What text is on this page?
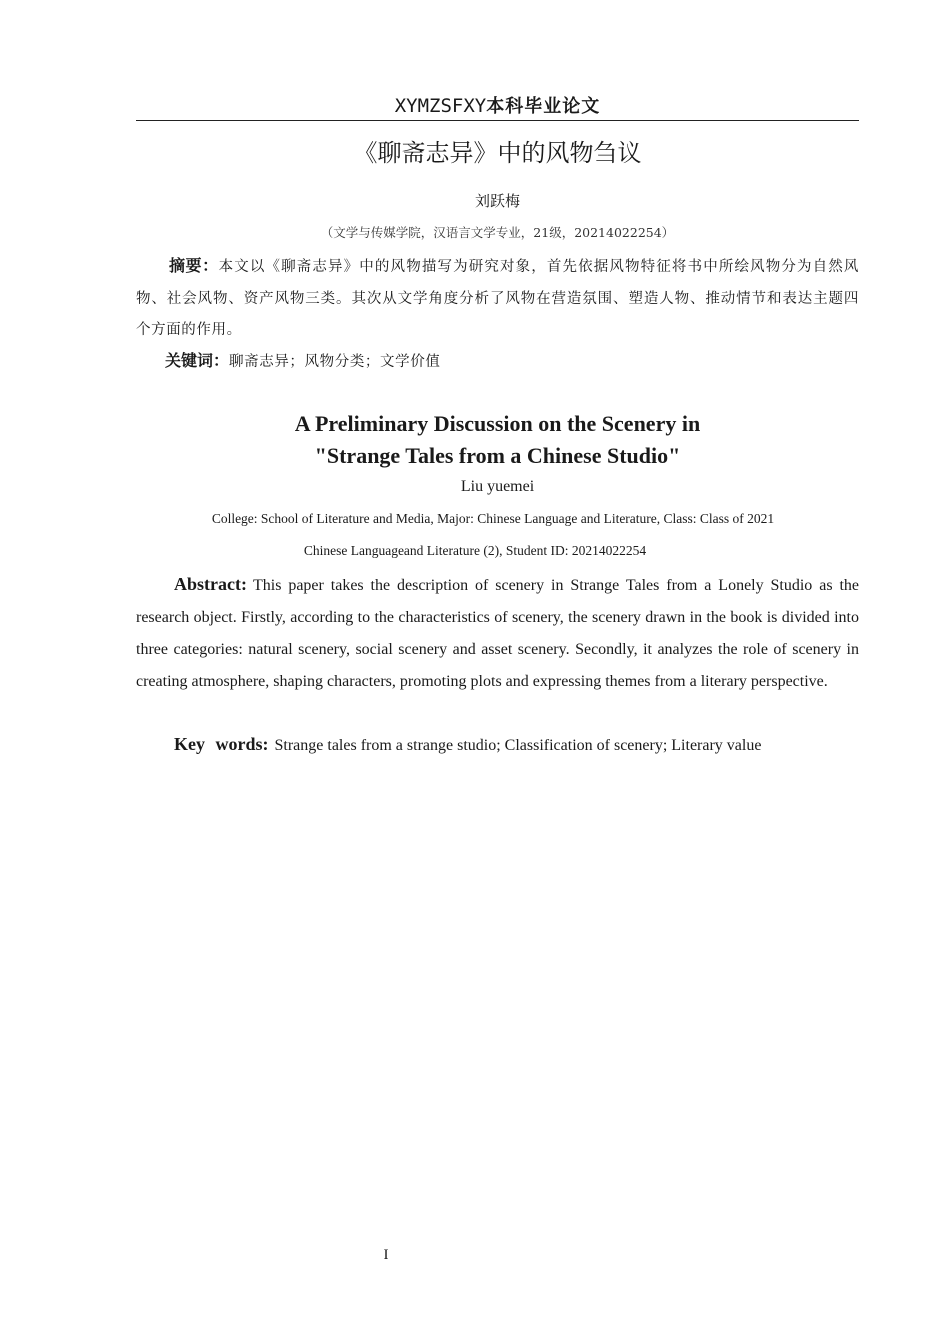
XYMZSFXY本科毕业论文
《聊斋志异》中的风物刍议
刘跃梅
（文学与传媒学院，汉语言文学专业，21级，20214022254）
摘要：本文以《聊斋志异》中的风物描写为研究对象，首先依据风物特征将书中所绘风物分为自然风物、社会风物、资产风物三类。其次从文学角度分析了风物在营造氛围、塑造人物、推动情节和表达主题四个方面的作用。
关键词：聊斋志异；风物分类；文学价值
A Preliminary Discussion on the Scenery in
"Strange Tales from a Chinese Studio"
Liu yuemei
College: School of Literature and Media, Major: Chinese Language and Literature, Class: Class of 2021
Chinese Languageand Literature (2), Student ID: 20214022254
Abstract: This paper takes the description of scenery in Strange Tales from a Lonely Studio as the research object. Firstly, according to the characteristics of scenery, the scenery drawn in the book is divided into three categories: natural scenery, social scenery and asset scenery. Secondly, it analyzes the role of scenery in creating atmosphere, shaping characters, promoting plots and expressing themes from a literary perspective.
Key words: Strange tales from a strange studio; Classification of scenery; Literary value
I
